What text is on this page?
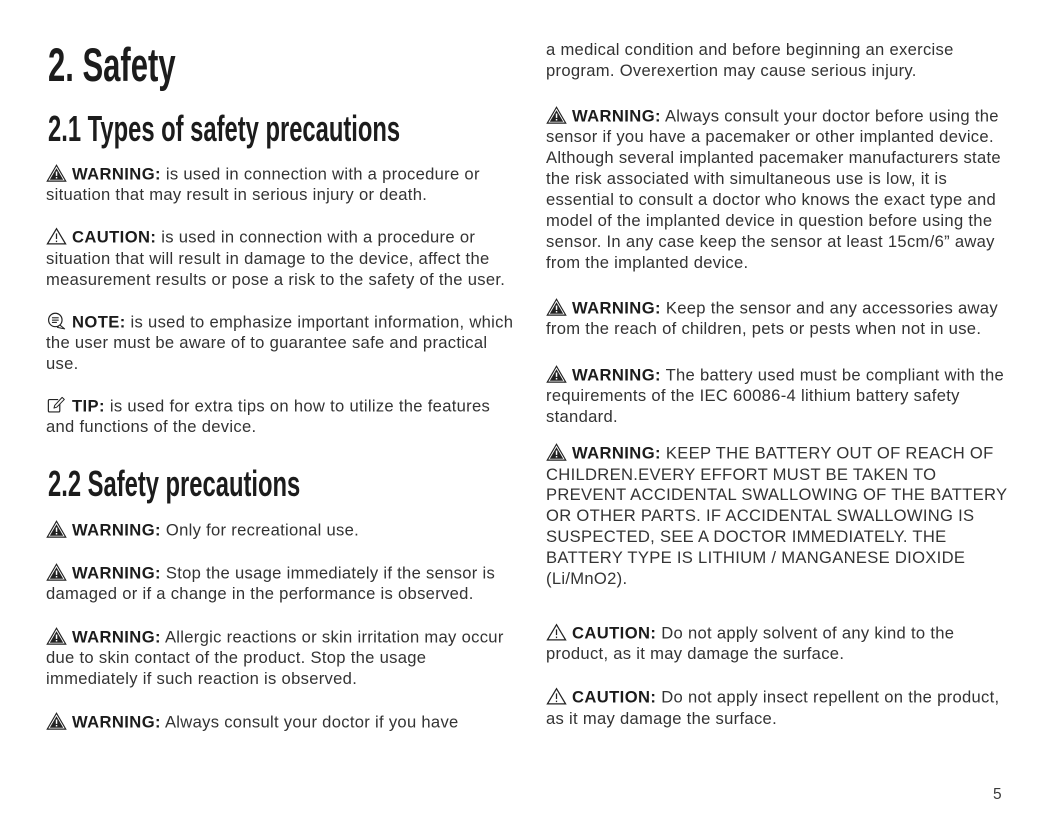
2. Safety
2.1 Types of safety precautions

WARNING: is used in connection with a procedure or situation that may result in serious injury or death.

CAUTION: is used in connection with a procedure or situation that will result in damage to the device, affect the measurement results or pose a risk to the safety of the user.

NOTE: is used to emphasize important information, which the user must be aware of to guarantee safe and practical use.

TIP: is used for extra tips on how to utilize the features and functions of the device.

2.2 Safety precautions

WARNING: Only for recreational use.

WARNING: Stop the usage immediately if the sensor is damaged or if a change in the performance is observed.

WARNING: Allergic reactions or skin irritation may occur due to skin contact of the product. Stop the usage immediately if such reaction is observed.

WARNING: Always consult your doctor if you have

a medical condition and before beginning an exercise program. Overexertion may cause serious injury.

WARNING: Always consult your doctor before using the sensor if you have a pacemaker or other implanted device. Although several implanted pacemaker manufacturers state the risk associated with simultaneous use is low, it is essential to consult a doctor who knows the exact type and model of the implanted device in question before using the sensor. In any case keep the sensor at least 15cm/6” away from the implanted device.

WARNING: Keep the sensor and any accessories away from the reach of children, pets or pests when not in use.

WARNING: The battery used must be compliant with the requirements of the IEC 60086-4 lithium battery safety standard.

WARNING: KEEP THE BATTERY OUT OF REACH OF CHILDREN.EVERY EFFORT MUST BE TAKEN TO PREVENT ACCIDENTAL SWALLOWING OF THE BATTERY OR OTHER PARTS. IF ACCIDENTAL SWALLOWING IS SUSPECTED, SEE A DOCTOR IMMEDIATELY. THE BATTERY TYPE IS LITHIUM / MANGANESE DIOXIDE (Li/MnO2).

CAUTION: Do not apply solvent of any kind to the product, as it may damage the surface.

CAUTION: Do not apply insect repellent on the product, as it may damage the surface.

5
